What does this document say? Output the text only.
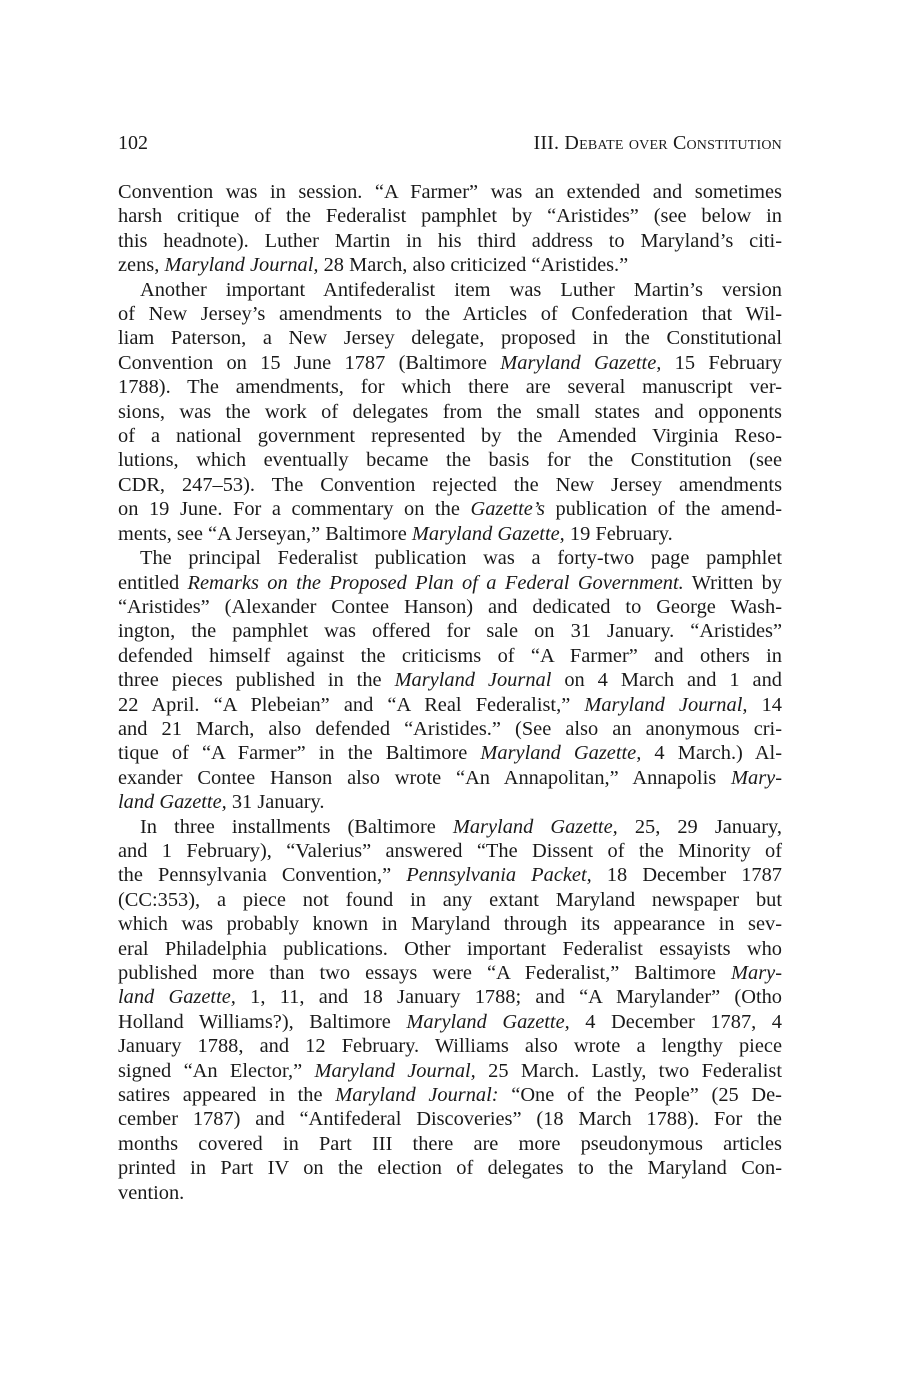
102	III. Debate over Constitution

Convention was in session. “A Farmer” was an extended and sometimes
harsh critique of the Federalist pamphlet by “Aristides” (see below in
this headnote). Luther Martin in his third address to Maryland’s citi-
zens, Maryland Journal, 28 March, also criticized “Aristides.”

Another important Antifederalist item was Luther Martin’s version
of New Jersey’s amendments to the Articles of Confederation that Wil-
liam Paterson, a New Jersey delegate, proposed in the Constitutional
Convention on 15 June 1787 (Baltimore Maryland Gazette, 15 February
1788). The amendments, for which there are several manuscript ver-
sions, was the work of delegates from the small states and opponents
of a national government represented by the Amended Virginia Reso-
lutions, which eventually became the basis for the Constitution (see
CDR, 247–53). The Convention rejected the New Jersey amendments
on 19 June. For a commentary on the Gazette’s publication of the amend-
ments, see “A Jerseyan,” Baltimore Maryland Gazette, 19 February.

The principal Federalist publication was a forty-two page pamphlet
entitled Remarks on the Proposed Plan of a Federal Government. Written by
“Aristides” (Alexander Contee Hanson) and dedicated to George Wash-
ington, the pamphlet was offered for sale on 31 January. “Aristides”
defended himself against the criticisms of “A Farmer” and others in
three pieces published in the Maryland Journal on 4 March and 1 and
22 April. “A Plebeian” and “A Real Federalist,” Maryland Journal, 14
and 21 March, also defended “Aristides.” (See also an anonymous cri-
tique of “A Farmer” in the Baltimore Maryland Gazette, 4 March.) Al-
exander Contee Hanson also wrote “An Annapolitan,” Annapolis Mary-
land Gazette, 31 January.

In three installments (Baltimore Maryland Gazette, 25, 29 January,
and 1 February), “Valerius” answered “The Dissent of the Minority of
the Pennsylvania Convention,” Pennsylvania Packet, 18 December 1787
(CC:353), a piece not found in any extant Maryland newspaper but
which was probably known in Maryland through its appearance in sev-
eral Philadelphia publications. Other important Federalist essayists who
published more than two essays were “A Federalist,” Baltimore Mary-
land Gazette, 1, 11, and 18 January 1788; and “A Marylander” (Otho
Holland Williams?), Baltimore Maryland Gazette, 4 December 1787, 4
January 1788, and 12 February. Williams also wrote a lengthy piece
signed “An Elector,” Maryland Journal, 25 March. Lastly, two Federalist
satires appeared in the Maryland Journal: “One of the People” (25 De-
cember 1787) and “Antifederal Discoveries” (18 March 1788). For the
months covered in Part III there are more pseudonymous articles
printed in Part IV on the election of delegates to the Maryland Con-
vention.
